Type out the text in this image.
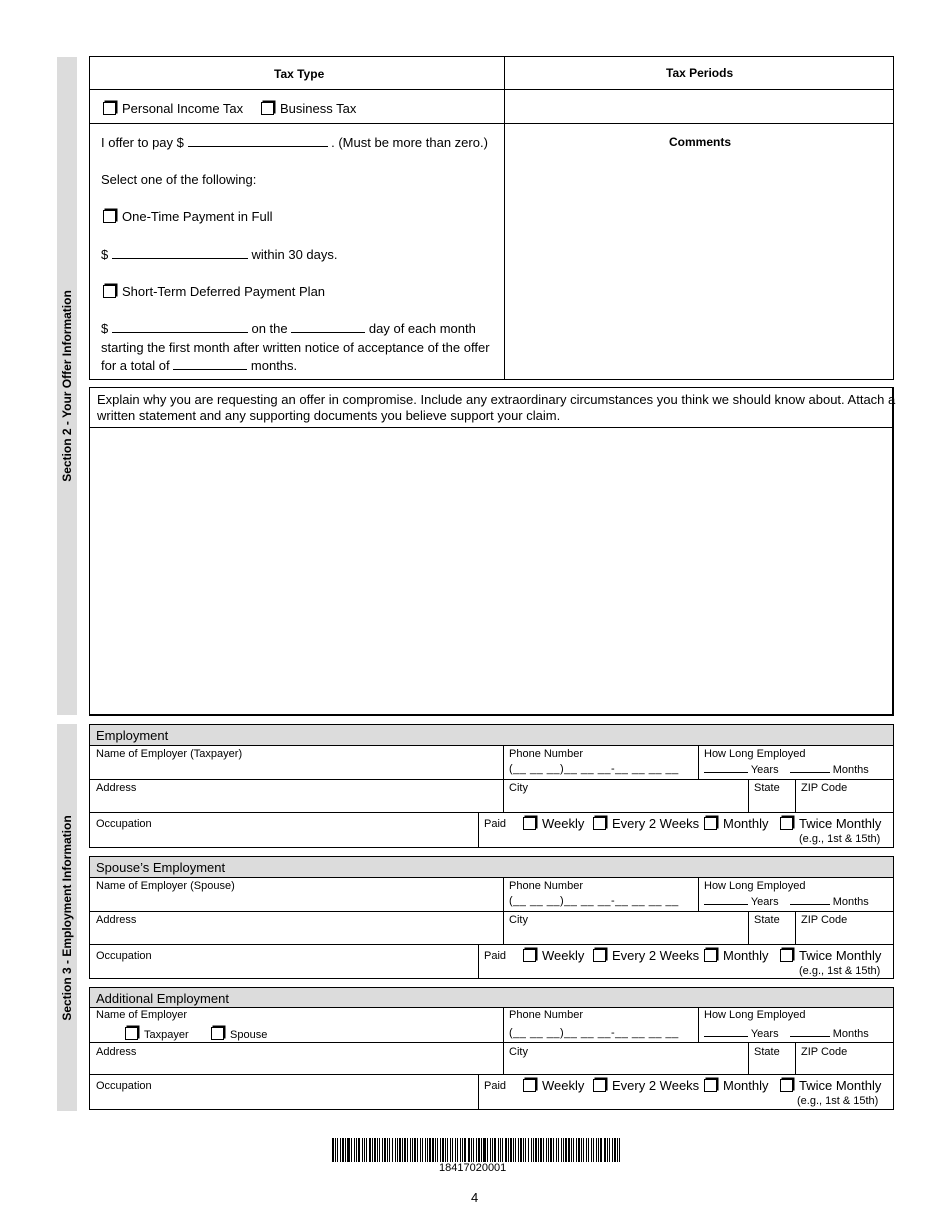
Section 2 - Your Offer Information
Tax Type	Tax Periods
Personal Income Tax	Business Tax
I offer to pay $	. (Must be more than zero.)	Comments
Select one of the following:
One-Time Payment in Full
$	within 30 days.
Short-Term Deferred Payment Plan
$	on the	day of each month
starting the first month after written notice of acceptance of the offer
for a total of	months.
Explain why you are requesting an offer in compromise. Include any extraordinary circumstances you think we should know about. Attach a
written statement and any supporting documents you believe support your claim.
Section 3 - Employment Information
Employment
Name of Employer (Taxpayer)	Phone Number
(__ __ __)__ __ __-__ __ __ __
How Long Employed
Years	Months
Address	City	State ZIP Code
Occupation	Paid	Weekly	Every 2 Weeks	Monthly	Twice Monthly
(e.g., 1st & 15th)
Spouse’s Employment
Name of Employer (Spouse)	Phone Number
(__ __ __)__ __ __-__ __ __ __
How Long Employed
Years	Months
Address	City	State ZIP Code
Occupation	Paid	Weekly	Every 2 Weeks	Monthly	Twice Monthly
(e.g., 1st & 15th)
Additional Employment
Name of Employer
Taxpayer	Spouse
Phone Number
(__ __ __)__ __ __-__ __ __ __
How Long Employed
Years	Months
Address	City	State ZIP Code
Occupation	Paid	Weekly	Every 2 Weeks	Monthly	Twice Monthly
(e.g., 1st & 15th)
18417020001
4
